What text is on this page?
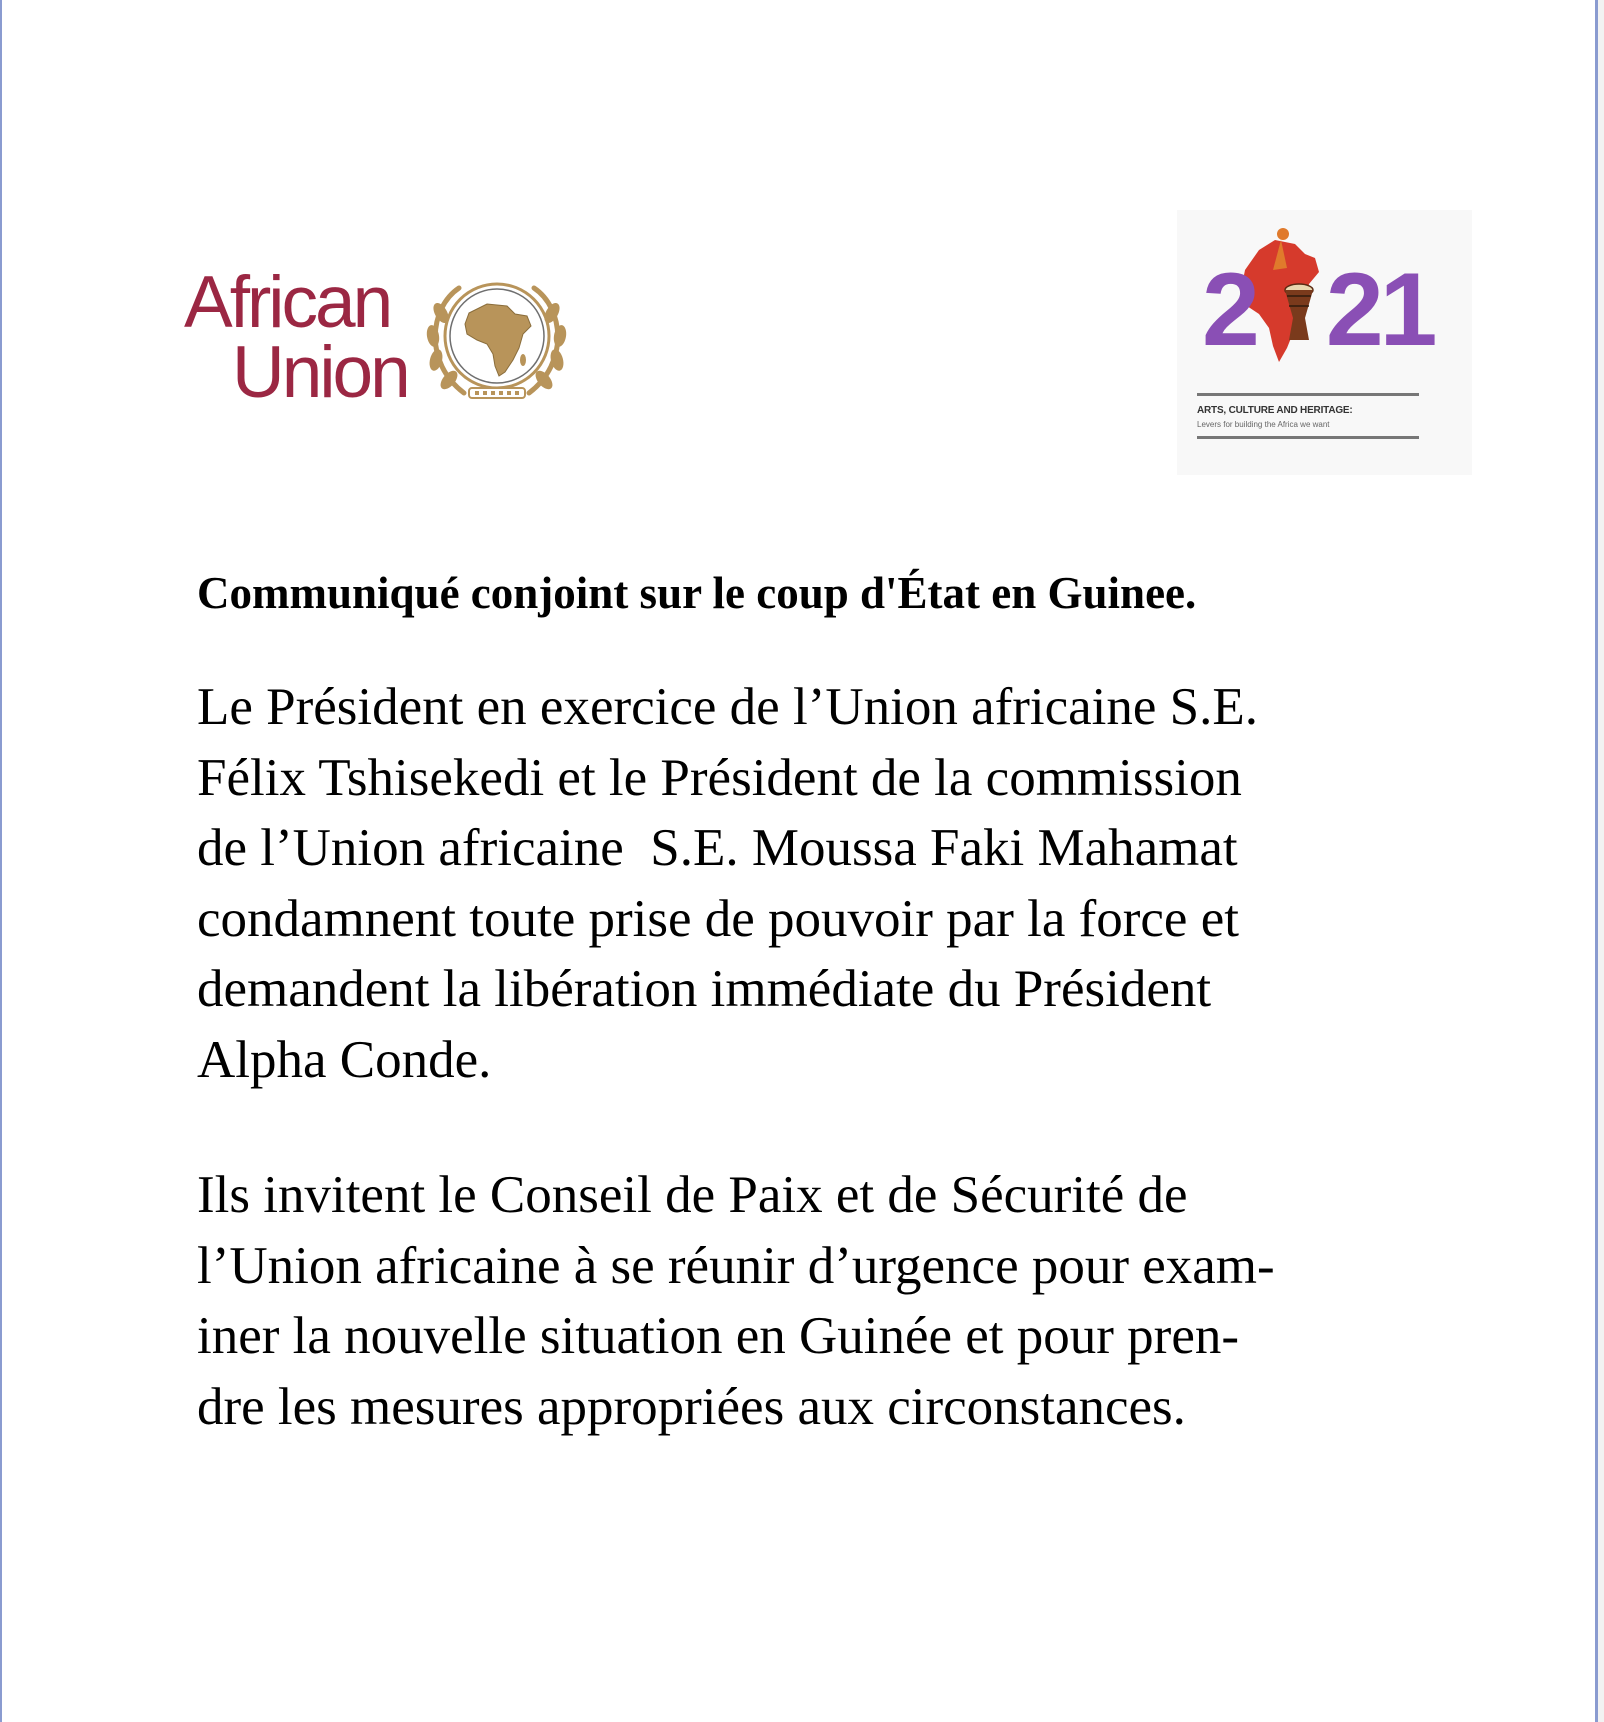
African
Union
2 21
ARTS, CULTURE AND HERITAGE:
Levers for building the Africa we want
Communiqué conjoint sur le coup d'État en Guinee.

Le Président en exercice de l’Union africaine S.E.
Félix Tshisekedi et le Président de la commission
de l’Union africaine  S.E. Moussa Faki Mahamat
condamnent toute prise de pouvoir par la force et
demandent la libération immédiate du Président
Alpha Conde.

Ils invitent le Conseil de Paix et de Sécurité de
l’Union africaine à se réunir d’urgence pour exam-
iner la nouvelle situation en Guinée et pour pren-
dre les mesures appropriées aux circonstances.
